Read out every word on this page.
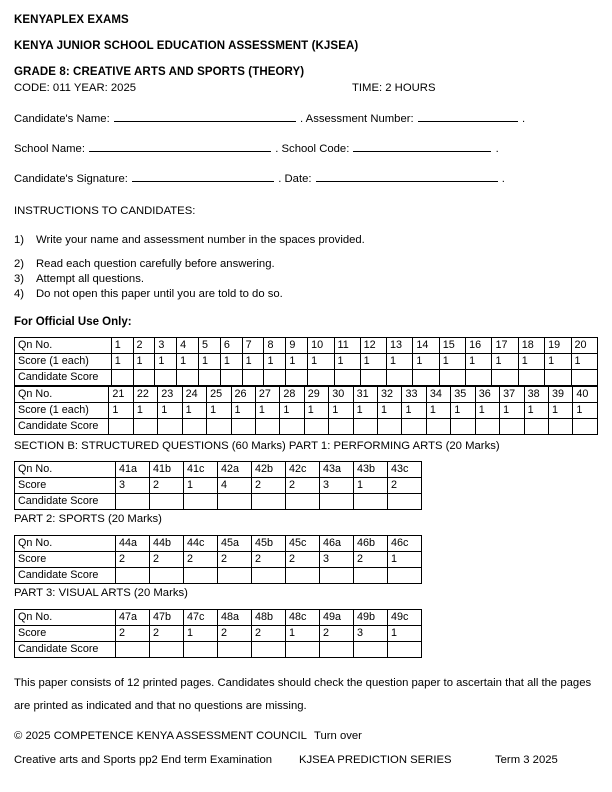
KENYAPLEX EXAMS
KENYA JUNIOR SCHOOL EDUCATION ASSESSMENT (KJSEA)
GRADE 8: CREATIVE ARTS AND SPORTS (THEORY)
CODE: 011 YEAR: 2025	TIME: 2 HOURS
Candidate's Name:	. Assessment Number:	.
School Name:	. School Code:	.
Candidate's Signature:	. Date:	.
INSTRUCTIONS TO CANDIDATES:
1)	Write your name and assessment number in the spaces provided.
2)	Read each question carefully before answering.
3)	Attempt all questions.
4)	Do not open this paper until you are told to do so.
For Official Use Only:
Qn No.	1	2	3	4	5	6	7	8	9	10	11	12	13	14	15	16	17	18	19	20
Score (1 each)	1	1	1	1	1	1	1	1	1	1	1	1	1	1	1	1	1	1	1	1
Candidate Score																				
Qn No.	21	22	23	24	25	26	27	28	29	30	31	32	33	34	35	36	37	38	39	40
Score (1 each)	1	1	1	1	1	1	1	1	1	1	1	1	1	1	1	1	1	1	1	1
Candidate Score																				
SECTION B: STRUCTURED QUESTIONS (60 Marks) PART 1: PERFORMING ARTS (20 Marks)
Qn No.	41a	41b	41c	42a	42b	42c	43a	43b	43c
Score	3	2	1	4	2	2	3	1	2
Candidate Score									
PART 2: SPORTS (20 Marks)
Qn No.	44a	44b	44c	45a	45b	45c	46a	46b	46c
Score	2	2	2	2	2	2	3	2	1
Candidate Score									
PART 3: VISUAL ARTS (20 Marks)
Qn No.	47a	47b	47c	48a	48b	48c	49a	49b	49c
Score	2	2	1	2	2	1	2	3	1
Candidate Score									
This paper consists of 12 printed pages. Candidates should check the question paper to ascertain that all the pages are printed as indicated and that no questions are missing.
© 2025 COMPETENCE KENYA ASSESSMENT COUNCIL Turn over
Creative arts and Sports pp2 End term Examination	KJSEA PREDICTION SERIES	Term 3 2025
